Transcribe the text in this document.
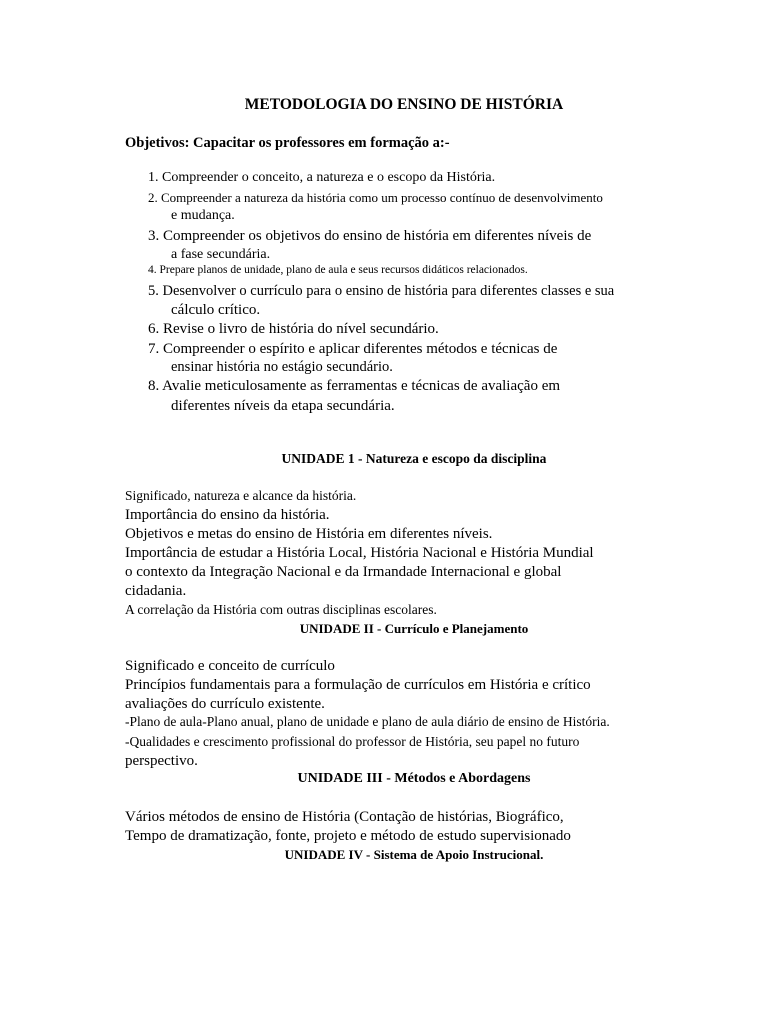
METODOLOGIA DO ENSINO DE HISTÓRIA
Objetivos: Capacitar os professores em formação a:-
1. Compreender o conceito, a natureza e o escopo da História.
2. Compreender a natureza da história como um processo contínuo de desenvolvimento
e mudança.
3. Compreender os objetivos do ensino de história em diferentes níveis de
a fase secundária.
4. Prepare planos de unidade, plano de aula e seus recursos didáticos relacionados.
5. Desenvolver o currículo para o ensino de história para diferentes classes e sua
cálculo crítico.
6. Revise o livro de história do nível secundário.
7. Compreender o espírito e aplicar diferentes métodos e técnicas de
ensinar história no estágio secundário.
8. Avalie meticulosamente as ferramentas e técnicas de avaliação em
diferentes níveis da etapa secundária.
UNIDADE 1 - Natureza e escopo da disciplina
Significado, natureza e alcance da história.
Importância do ensino da história.
Objetivos e metas do ensino de História em diferentes níveis.
Importância de estudar a História Local, História Nacional e História Mundial
o contexto da Integração Nacional e da Irmandade Internacional e global
cidadania.
A correlação da História com outras disciplinas escolares.
UNIDADE II - Currículo e Planejamento
Significado e conceito de currículo
Princípios fundamentais para a formulação de currículos em História e crítico
avaliações do currículo existente.
-Plano de aula-Plano anual, plano de unidade e plano de aula diário de ensino de História.
-Qualidades e crescimento profissional do professor de História, seu papel no futuro
perspectivo.
UNIDADE III - Métodos e Abordagens
Vários métodos de ensino de História (Contação de histórias, Biográfico,
Tempo de dramatização, fonte, projeto e método de estudo supervisionado
UNIDADE IV - Sistema de Apoio Instrucional.
